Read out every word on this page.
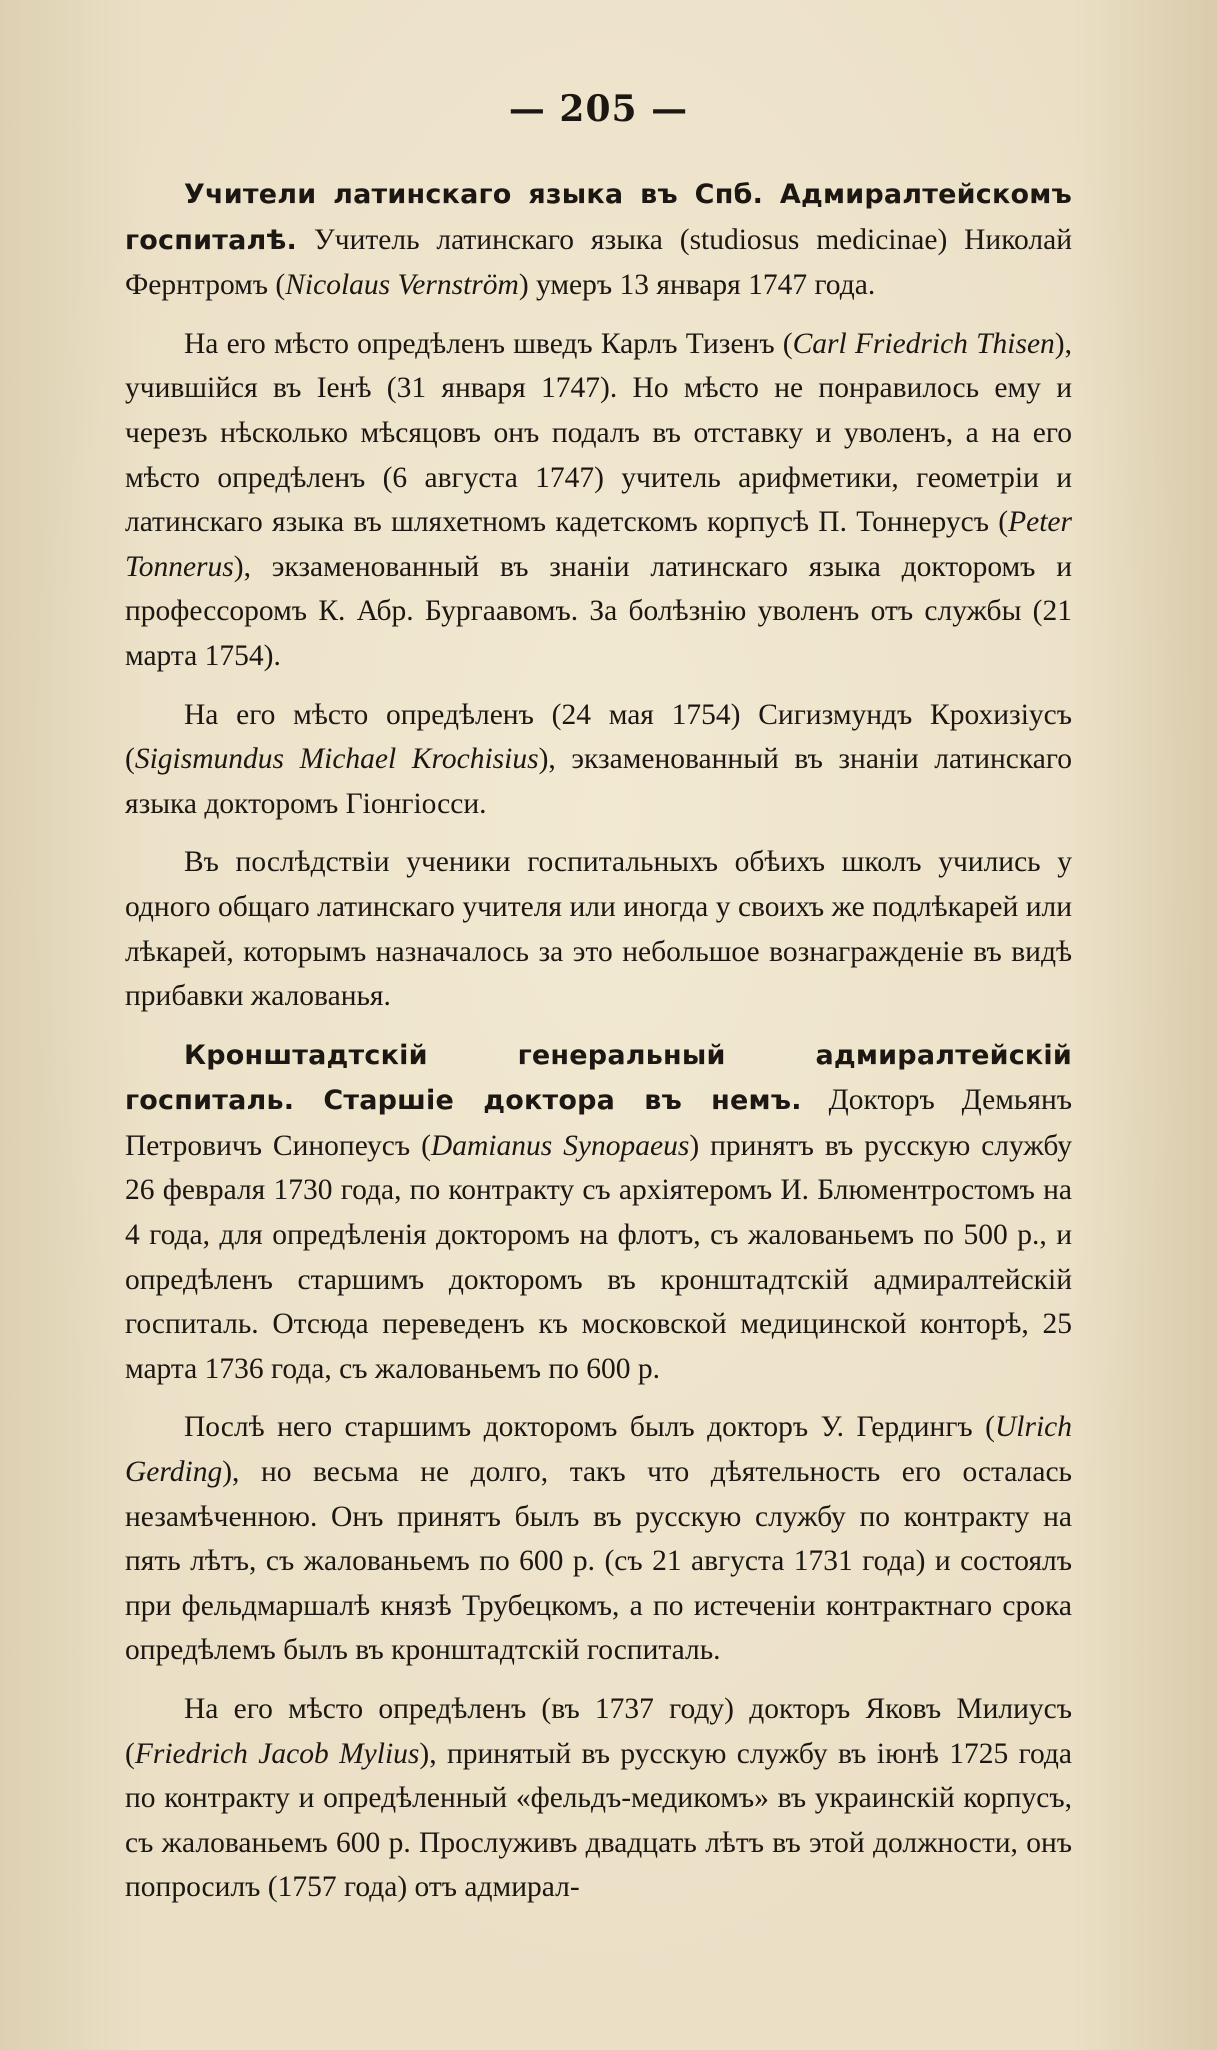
— 205 —

Учители латинскаго языка въ Спб. Адмиралтейскомъ госпиталѣ. Учитель латинскаго языка (studiosus medicinae) Николай Фернтромъ (Nicolaus Vernström) умеръ 13 января 1747 года.

На его мѣсто опредѣленъ шведъ Карлъ Тизенъ (Carl Friedrich Thisen), учившійся въ Іенѣ (31 января 1747). Но мѣсто не понравилось ему и черезъ нѣсколько мѣсяцовъ онъ подалъ въ отставку и уволенъ, а на его мѣсто опредѣленъ (6 августа 1747) учитель арифметики, геометріи и латинскаго языка въ шляхетномъ кадетскомъ корпусѣ П. Тоннерусъ (Peter Tonnerus), экзаменованный въ знаніи латинскаго языка докторомъ и профессоромъ К. Абр. Бургаавомъ. За болѣзнію уволенъ отъ службы (21 марта 1754).

На его мѣсто опредѣленъ (24 мая 1754) Сигизмундъ Крохизіусъ (Sigismundus Michael Krochisius), экзаменованный въ знаніи латинскаго языка докторомъ Гіонгіосси.

Въ послѣдствіи ученики госпитальныхъ обѣихъ школъ учились у одного общаго латинскаго учителя или иногда у своихъ же подлѣкарей или лѣкарей, которымъ назначалось за это небольшое вознагражденіе въ видѣ прибавки жалованья.

Кронштадтскій генеральный адмиралтейскій госпиталь. Старшіе доктора въ немъ. Докторъ Демьянъ Петровичъ Синопеусъ (Damianus Synopaeus) принятъ въ русскую службу 26 февраля 1730 года, по контракту съ архіятеромъ И. Блюментростомъ на 4 года, для опредѣленія докторомъ на флотъ, съ жалованьемъ по 500 р., и опредѣленъ старшимъ докторомъ въ кронштадтскій адмиралтейскій госпиталь. Отсюда переведенъ къ московской медицинской конторѣ, 25 марта 1736 года, съ жалованьемъ по 600 р.

Послѣ него старшимъ докторомъ былъ докторъ У. Гердингъ (Ulrich Gerding), но весьма не долго, такъ что дѣятельность его осталась незамѣченною. Онъ принятъ былъ въ русскую службу по контракту на пять лѣтъ, съ жалованьемъ по 600 р. (съ 21 августа 1731 года) и состоялъ при фельдмаршалѣ князѣ Трубецкомъ, а по истеченіи контрактнаго срока опредѣлемъ былъ въ кронштадтскій госпиталь.

На его мѣсто опредѣленъ (въ 1737 году) докторъ Яковъ Милиусъ (Friedrich Jacob Mylius), принятый въ русскую службу въ іюнѣ 1725 года по контракту и опредѣленный «фельдъ-медикомъ» въ украинскій корпусъ, съ жалованьемъ 600 р. Прослуживъ двадцать лѣтъ въ этой должности, онъ попросилъ (1757 года) отъ адмирал-
